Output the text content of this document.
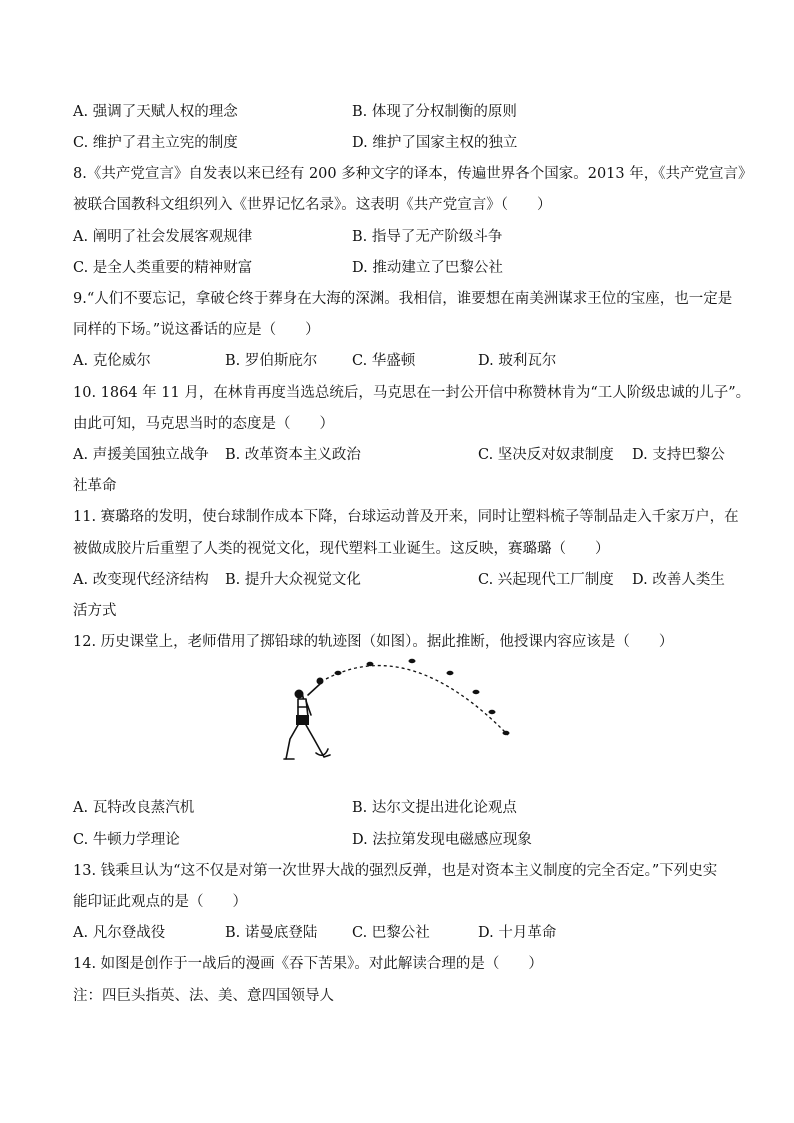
A. 强调了天赋人权的理念	B. 体现了分权制衡的原则
C. 维护了君主立宪的制度	D. 维护了国家主权的独立
8.《共产党宣言》自发表以来已经有 200 多种文字的译本，传遍世界各个国家。2013 年，《共产党宣言》
被联合国教科文组织列入《世界记忆名录》。这表明《共产党宣言》（　　）
A. 阐明了社会发展客观规律	B. 指导了无产阶级斗争
C. 是全人类重要的精神财富	D. 推动建立了巴黎公社
9.“人们不要忘记，拿破仑终于葬身在大海的深渊。我相信，谁要想在南美洲谋求王位的宝座，也一定是
同样的下场。”说这番话的应是（　　）
A. 克伦威尔	B. 罗伯斯庇尔 C. 华盛顿	D. 玻利瓦尔
10. 1864 年 11 月，在林肯再度当选总统后，马克思在一封公开信中称赞林肯为“工人阶级忠诚的儿子”。
由此可知，马克思当时的态度是（　　）
A. 声援美国独立战争 B. 改革资本主义政治	C. 坚决反对奴隶制度 D. 支持巴黎公
社革命
11. 赛璐珞的发明，使台球制作成本下降，台球运动普及开来，同时让塑料梳子等制品走入千家万户，在
被做成胶片后重塑了人类的视觉文化，现代塑料工业诞生。这反映，赛璐璐（　　）
A. 改变现代经济结构 B. 提升大众视觉文化	C. 兴起现代工厂制度 D. 改善人类生
活方式
12. 历史课堂上，老师借用了掷铅球的轨迹图（如图）。据此推断，他授课内容应该是（　　）
A. 瓦特改良蒸汽机	B. 达尔文提出进化论观点
C. 牛顿力学理论	D. 法拉第发现电磁感应现象
13. 钱乘旦认为“这不仅是对第一次世界大战的强烈反弹，也是对资本主义制度的完全否定。”下列史实
能印证此观点的是（　　）
A. 凡尔登战役	B. 诺曼底登陆 C. 巴黎公社	D. 十月革命
14. 如图是创作于一战后的漫画《吞下苦果》。对此解读合理的是（　　）
注：四巨头指英、法、美、意四国领导人
